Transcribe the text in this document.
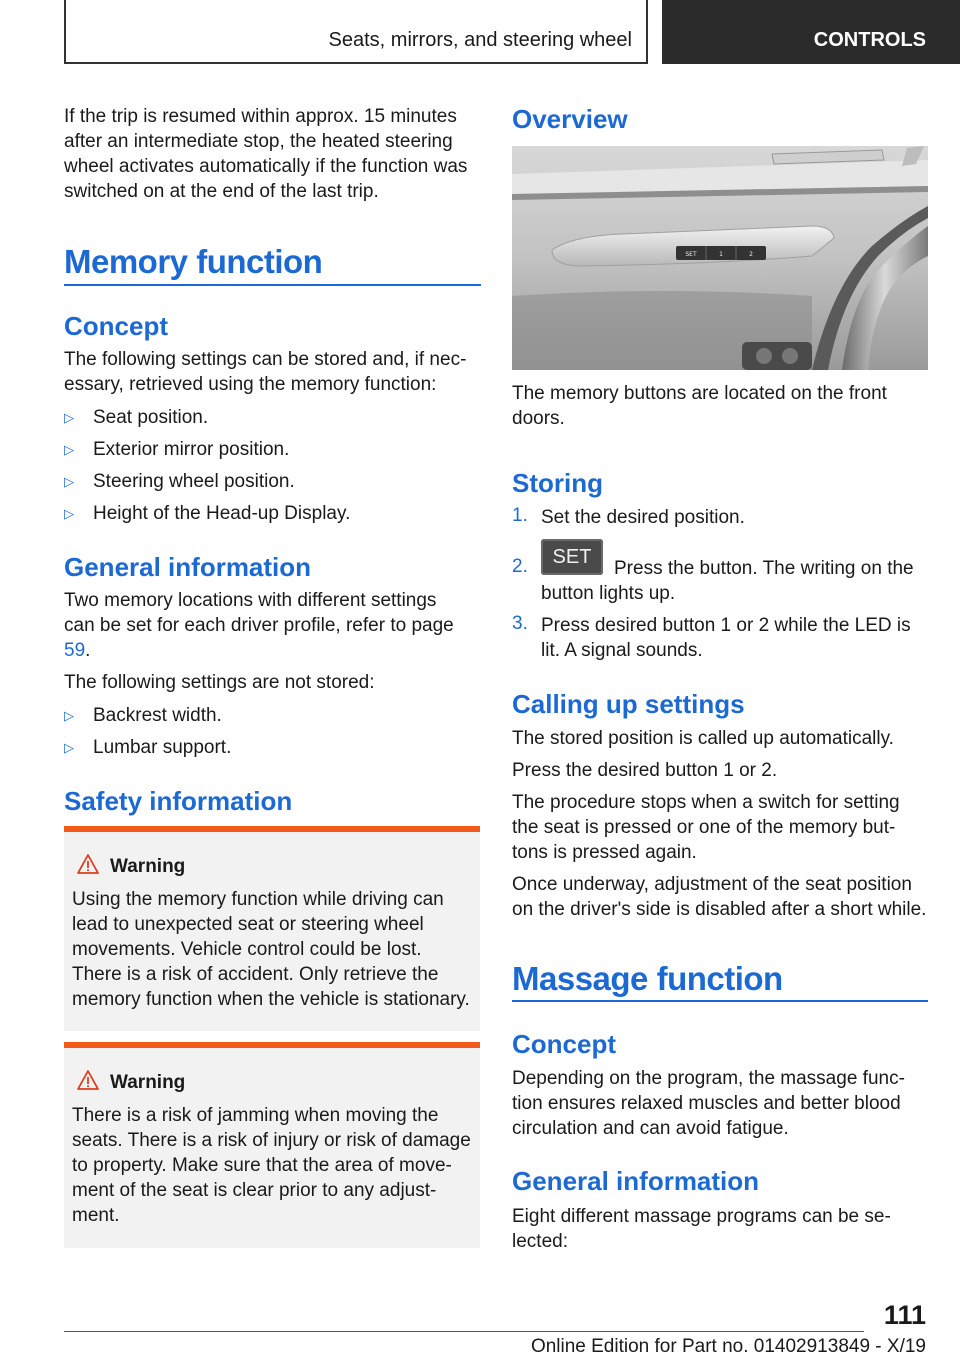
Seats, mirrors, and steering wheel	CONTROLS

If the trip is resumed within approx. 15 minutes after an intermediate stop, the heated steering wheel activates automatically if the function was switched on at the end of the last trip.

Memory function
Concept

The following settings can be stored and, if nec‐essary, retrieved using the memory function:

▷ Seat position.
▷ Exterior mirror position.
▷ Steering wheel position.
▷ Height of the Head-up Display.
General information

Two memory locations with different settings can be set for each driver profile, refer to page 59.

The following settings are not stored:

▷ Backrest width.
▷ Lumbar support.
Safety information
Warning
Using the memory function while driving can lead to unexpected seat or steering wheel movements. Vehicle control could be lost. There is a risk of accident. Only retrieve the memory function when the vehicle is stationary.
Warning
There is a risk of jamming when moving the seats. There is a risk of injury or risk of damage to property. Make sure that the area of move‐ment of the seat is clear prior to any adjust‐ment.
Overview
SET	1	2

The memory buttons are located on the front doors.

Storing
1. Set the desired position.
2.	SET

Press the button. The writing on the button lights up.

3. Press desired button 1 or 2 while the LED is lit. A signal sounds.

Calling up settings

The stored position is called up automatically.

Press the desired button 1 or 2.

The procedure stops when a switch for setting the seat is pressed or one of the memory but‐tons is pressed again.

Once underway, adjustment of the seat position on the driver's side is disabled after a short while.

Massage function
Concept

Depending on the program, the massage func‐tion ensures relaxed muscles and better blood circulation and can avoid fatigue.

General information

Eight different massage programs can be se‐lected:

111
Online Edition for Part no. 01402913849 - X/19
